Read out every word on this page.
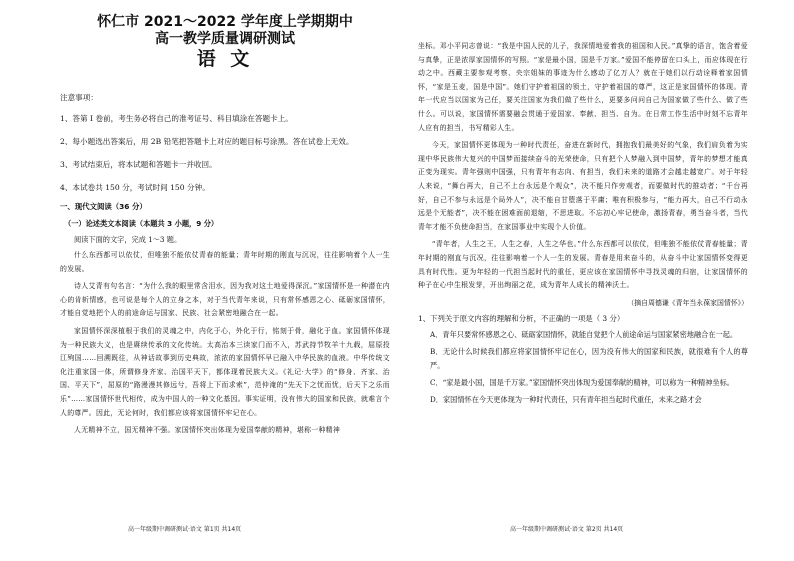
怀仁市 2021～2022 学年度上学期期中
高一教学质量调研测试
语 文
注意事项：
1、答第 I 卷前，考生务必将自己的准考证号、科目填涂在答题卡上。
2、每小题选出答案后，用 2B 铅笔把答题卡上对应的题目标号涂黑。答在试卷上无效。
3、考试结束后，将本试题和答题卡一并收回。
4、本试卷共 150 分，考试时间 150 分钟。
一、现代文阅读（36 分）
（一）论述类文本阅读（本题共 3 小题，9 分）
阅读下面的文字，完成 1～3 题。

什么东西都可以依仗，但唯独不能依仗青春的能量；青年时期的刚直与沉况，往往影响着个人一生的发展。

诗人艾青有句名言：“为什么我的眼里常含泪水，因为我对这土地爱得深沉。”家国情怀是一种潜在内心的肯斩情感，也可说是每个人的立身之本，对于当代青年来说，只有常怀感恩之心、砥砺家国情怀，才能自觉地把个人的前途命运与国家、民族、社会紧密地融合在一起。

家国情怀深深植根于我们的灵魂之中，内化于心，外化于行，铭刻于骨，融化于血。家国情怀体现为一种民族大义，也是赓续传承的文化传统。太高治本三读家门而不入，苏武持节牧羊十九载，屈原投江殉国……回溯既往，从神话故事到历史典故，浓浓的家国情怀早已融入中华民族的血液。中华传统文化注重家国一体，所谓修身齐家、治国平天下，都体现着民族大义。《礼记·大学》的“修身、齐家、治国、平天下”，屈原的“路漫漫其修远兮，吾将上下而求索”，范仲淹的“先天下之忧而忧，后天下之乐而乐”……家国情怀世代相传，成为中国人的一种文化基因。事实证明，没有伟大的国家和民族，就难言个人的尊严。因此，无论何时，我们都应该将家国情怀牢记在心。

人无精神不立，国无精神不强。家国情怀突出体现为爱国奉献的精神，堪称一种精神

坐标。邓小平同志曾说：“我是中国人民的儿子，我深情地爱着我的祖国和人民。”真挚的语言，饱含着爱与真挚，正是浓厚家国情怀的写照。“家是最小国，国是千万家。”爱国不能停留在口头上，而应体现在行动之中。西藏主要参观考察、央宗姐妹的事迹为什么感动了亿万人？就在于她们以行动诠释着家国情怀，“家是玉麦，国是中国”。她们守护着祖国的领土，守护着祖国的尊严，这正是家国情怀的体现。青年一代应当以国家为己任，要关注国家为我们做了些什么，更要多问问自己为国家做了些什么、做了些什么。可以说，家国情怀需要融会贯通于爱国家、奉献、担当、自为。在日常工作生活中时刻不忘青年人应有的担当，书写精彩人生。

今天，家国情怀更体现为一种时代责任，奋进在新时代，拥抱我们最美好的气象，我们肩负着为实现中华民族伟大复兴的中国梦而接续奋斗的光荣使命，只有把个人梦融入到中国梦，青年的梦想才能真正变为现实。青年强则中国强，只有青年有志向、有担当，我们未来的道路才会越走越宽广。对于年轻人来说，“舞台再大，自己不上台永远是个观众”，决不能只作旁观者，而要做时代的推动者；“千台再好，自己不参与永远是个局外人”，决不能自甘堕落于平庸；唯有积极参与，“能力再大，自己不行动永远是个无能者”，决不能在困难面前退缩，不思进取。不忘初心牢记使命，激扬青春，勇当奋斗者，当代青年才能不负使命担当，在家国事业中实现个人价值。

“青年者，人生之王，人生之春，人生之华也。”什么东西都可以依仗，但唯独不能依仗青春能量；青年时期的刚直与沉况，往往影响着一个人一生的发展。青春是用来奋斗的，从奋斗中让家国情怀变得更具有时代性。更为年轻的一代担当起时代的重任，更应该在家国情怀中寻找灵魂的归宿，让家国情怀的种子在心中生根发芽，开出绚丽之花，成为青年人成长的精神沃土。

（摘自周德谦《青年当永葆家国情怀》）
1、下列关于原文内容的理解和分析，不正确的一项是（ 3 分）
A．青年只要常怀感恩之心、砥砺家国情怀，就能自觉把个人前途命运与国家紧密地融合在一起。
B．无论什么时候我们都应将家国情怀牢记在心，因为没有伟大的国家和民族，就很难有个人的尊严。
C．“家是最小国，国是千万家。”家国情怀突出体现为爱国奉献的精神，可以称为一种精神坐标。
D．家国情怀在今天更体现为一种时代责任，只有青年担当起时代重任，未来之路才会
高一年级期中调研测试·语文 第1页 共14页	高一年级期中调研测试·语文 第2页 共14页
